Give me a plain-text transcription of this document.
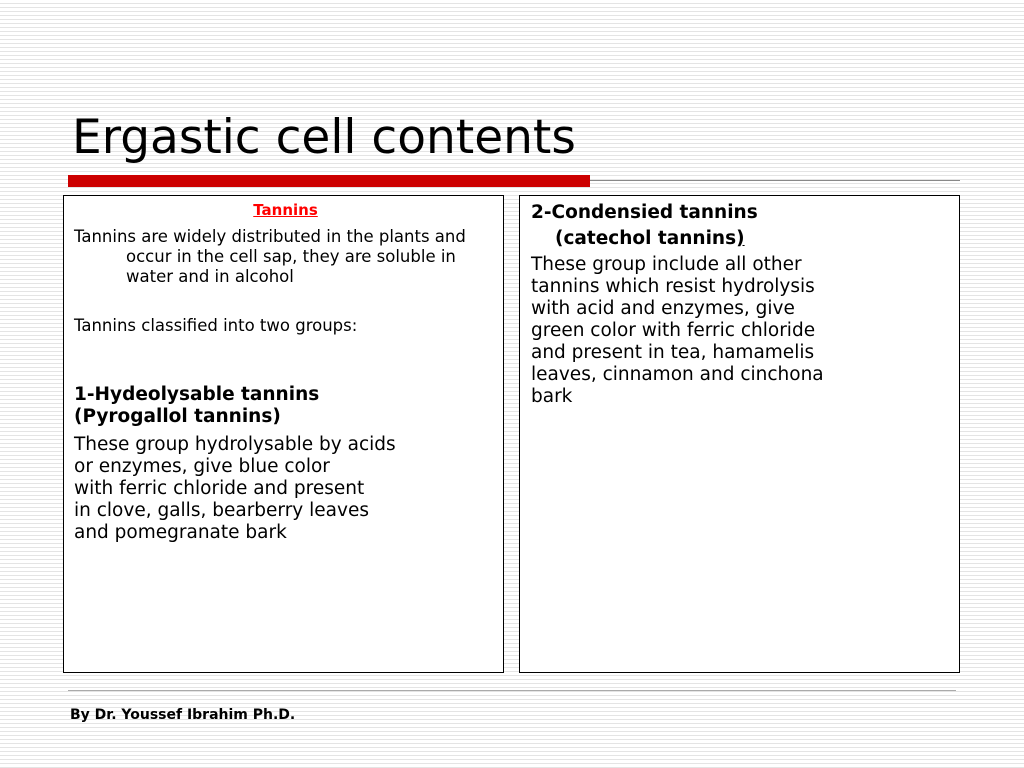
Ergastic cell contents

Tannins

Tannins are widely distributed in the plants and occur in the cell sap, they are soluble in water and in alcohol

Tannins classified into two groups:

1-Hydeolysable tannins

(Pyrogallol tannins)

These group hydrolysable by acids

or enzymes, give blue color

with ferric chloride and present

in clove, galls, bearberry leaves

and pomegranate bark

2-Condensied tannins

(catechol tannins)

These group include all other

tannins which resist hydrolysis

with acid and enzymes, give

green color with ferric chloride

and present in tea, hamamelis

leaves, cinnamon and cinchona

bark

By Dr. Youssef Ibrahim Ph.D.
